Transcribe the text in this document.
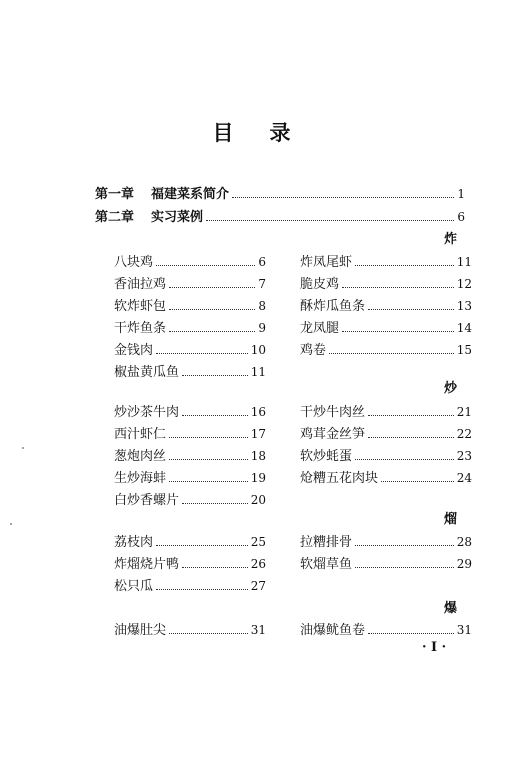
目 录
第一章	福建菜系简介	1
第二章	实习菜例	6
炸
八块鸡	6
香油拉鸡	7
软炸虾包	8
干炸鱼条	9
金钱肉	10
椒盐黄瓜鱼	11
炸凤尾虾	11
脆皮鸡	12
酥炸瓜鱼条	13
龙凤腿	14
鸡卷	15
炒
炒沙茶牛肉	16
西汁虾仁	17
葱炮肉丝	18
生炒海蚌	19
白炒香螺片	20
干炒牛肉丝	21
鸡茸金丝笋	22
软炒蚝蛋	23
炝糟五花肉块	24
熘
荔枝肉	25
炸熘烧片鸭	26
松只瓜	27
拉糟排骨	28
软熘草鱼	29
爆
油爆肚尖	31	油爆鱿鱼卷	31
· I ·
